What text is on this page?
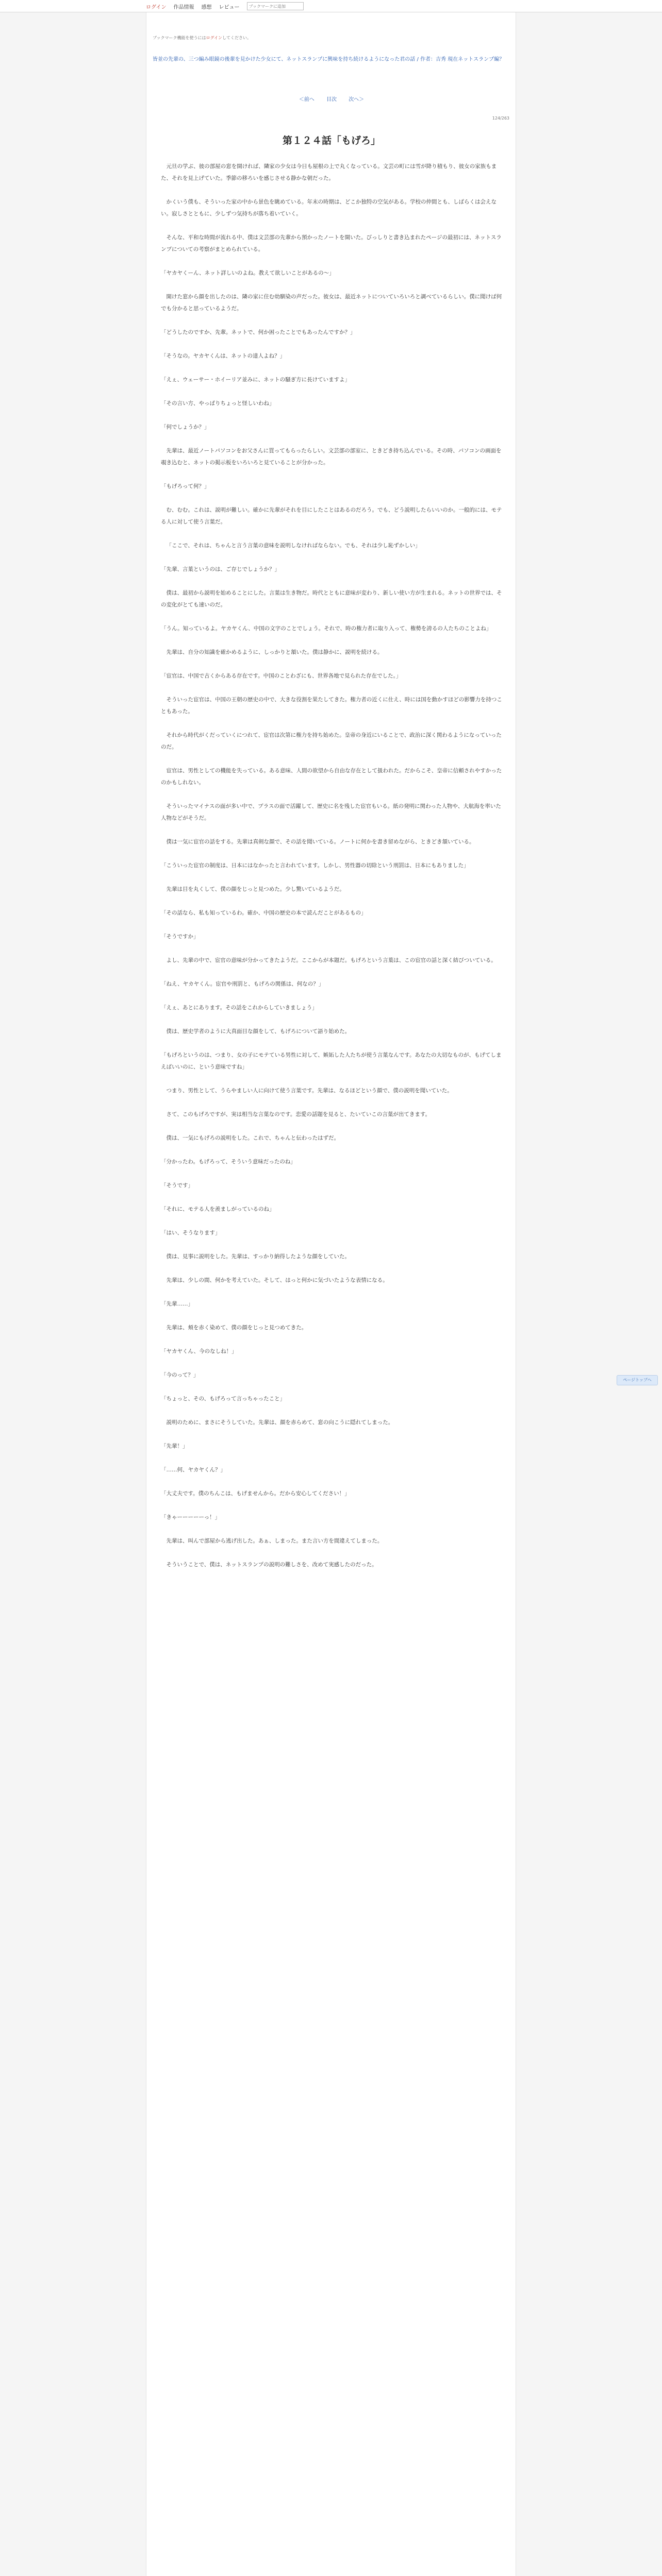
ログイン 作品情報 感想 レビュー
ブックマークに追加
ブックマーク機能を使うにはログインしてください。
皆並の先輩の、三つ編み眼鏡の後輩を見かけた少女にて、ネットスランプに興味を持ち続けるようになった君の話 / 作者：吉秀 現在ネットスランプ編？
＜前へ 目次 次へ＞
124/263
第１２４話「もげろ」

元旦の学ぶ、彼の部屋の窓を開ければ、隣家の少女は今日も屋根の上で丸くなっている。文芸の町には雪が降り積もり、彼女の家族もまた、それを見上げていた。季節の移ろいを感じさせる静かな朝だった。

かくいう僕も、そういった家の中から景色を眺めている。年末の時期は、どこか独特の空気がある。学校の仲間とも、しばらくは会えない。寂しさとともに、少しずつ気持ちが落ち着いていく。

そんな、平和な時間が流れる中、僕は文芸部の先輩から預かったノートを開いた。びっしりと書き込まれたページの最初には、ネットスランプについての考察がまとめられている。

「ヤカヤくーん、ネット詳しいのよね。教えて欲しいことがあるの～」

開けた窓から顔を出したのは、隣の家に住む幼馴染の声だった。彼女は、最近ネットについていろいろと調べているらしい。僕に聞けば何でも分かると思っているようだ。

「どうしたのですか、先輩。ネットで、何か困ったことでもあったんですか？」

「そうなの。ヤカヤくんは、ネットの達人よね？」

「えぇ、ウェーサー・ホイーリア並みに、ネットの騒ぎ方に長けていますよ」

「その言い方、やっぱりちょっと怪しいわね」

「何でしょうか？」

先輩は、最近ノートパソコンをお父さんに買ってもらったらしい。文芸部の部室に、ときどき持ち込んでいる。その時、パソコンの画面を覗き込むと、ネットの掲示板をいろいろと見ていることが分かった。

「もげろって何？」

む、むむ。これは、説明が難しい。確かに先輩がそれを目にしたことはあるのだろう。でも、どう説明したらいいのか。一般的には、モテる人に対して使う言葉だ。

「ここで、それは、ちゃんと言う言葉の意味を説明しなければならない。でも、それは少し恥ずかしい」

「先輩、言葉というのは、ご存じでしょうか？」

僕は、最初から説明を始めることにした。言葉は生き物だ。時代とともに意味が変わり、新しい使い方が生まれる。ネットの世界では、その変化がとても速いのだ。

「うん。知っているよ。ヤカヤくん、中国の文字のことでしょう。それで、時の権力者に取り入って、権勢を誇るの人たちのことよね」

先輩は、自分の知識を確かめるように、しっかりと頷いた。僕は静かに、説明を続ける。

「宦官は、中国で古くからある存在です。中国のことわざにも、世界各地で見られた存在でした。」

そういった宦官は、中国の王朝の歴史の中で、大きな役割を果たしてきた。権力者の近くに仕え、時には国を動かすほどの影響力を持つこともあった。

それから時代がくだっていくにつれて、宦官は次第に権力を持ち始めた。皇帝の身近にいることで、政治に深く関わるようになっていったのだ。

宦官は、男性としての機能を失っている。ある意味、人間の欲望から自由な存在として扱われた。だからこそ、皇帝に信頼されやすかったのかもしれない。

そういったマイナスの面が多い中で、プラスの面で活躍して、歴史に名を残した宦官もいる。紙の発明に関わった人物や、大航海を率いた人物などがそうだ。

僕は一気に宦官の話をする。先輩は真剣な顔で、その話を聞いている。ノートに何かを書き留めながら、ときどき頷いている。

「こういった宦官の制度は、日本にはなかったと言われています。しかし、男性器の切除という刑罰は、日本にもありました」

先輩は目を丸くして、僕の顔をじっと見つめた。少し驚いているようだ。

「その話なら、私も知っているわ。確か、中国の歴史の本で読んだことがあるもの」

「そうですか」

よし、先輩の中で、宦官の意味が分かってきたようだ。ここからが本題だ。もげろという言葉は、この宦官の話と深く結びついている。

「ねえ、ヤカヤくん。宦官や刑罰と、もげろの関係は、何なの？」

「えぇ、あとにあります。その話をこれからしていきましょう」

僕は、歴史学者のように大真面目な顔をして、もげろについて語り始めた。

「もげろというのは、つまり、女の子にモテている男性に対して、嫉妬した人たちが使う言葉なんです。あなたの大切なものが、もげてしまえばいいのに、という意味ですね」

つまり、男性として、うらやましい人に向けて使う言葉です。先輩は、なるほどという顔で、僕の説明を聞いていた。

さて、このもげろですが、実は相当な言葉なのです。恋愛の話題を見ると、たいていこの言葉が出てきます。

僕は、一気にもげろの説明をした。これで、ちゃんと伝わったはずだ。

「分かったわ。もげろって、そういう意味だったのね」

「そうです」

「それに、モテる人を羨ましがっているのね」

「はい、そうなります」

僕は、見事に説明をした。先輩は、すっかり納得したような顔をしていた。

先輩は、少しの間、何かを考えていた。そして、はっと何かに気づいたような表情になる。

「先輩……」

先輩は、頬を赤く染めて、僕の顔をじっと見つめてきた。

「ヤカヤくん、今のなしね！」

「今のって？」

「ちょっと、その、もげろって言っちゃったこと」

説明のために、まさにそうしていた。先輩は、顔を赤らめて、窓の向こうに隠れてしまった。

「先輩！」

「……何、ヤカヤくん？」

「大丈夫です。僕のちんこは、もげませんから。だから安心してください！」

「きゃーーーーーっ！」

先輩は、叫んで部屋から逃げ出した。あぁ、しまった。また言い方を間違えてしまった。

そういうことで、僕は、ネットスランプの説明の難しさを、改めて実感したのだった。

ページトップへ
